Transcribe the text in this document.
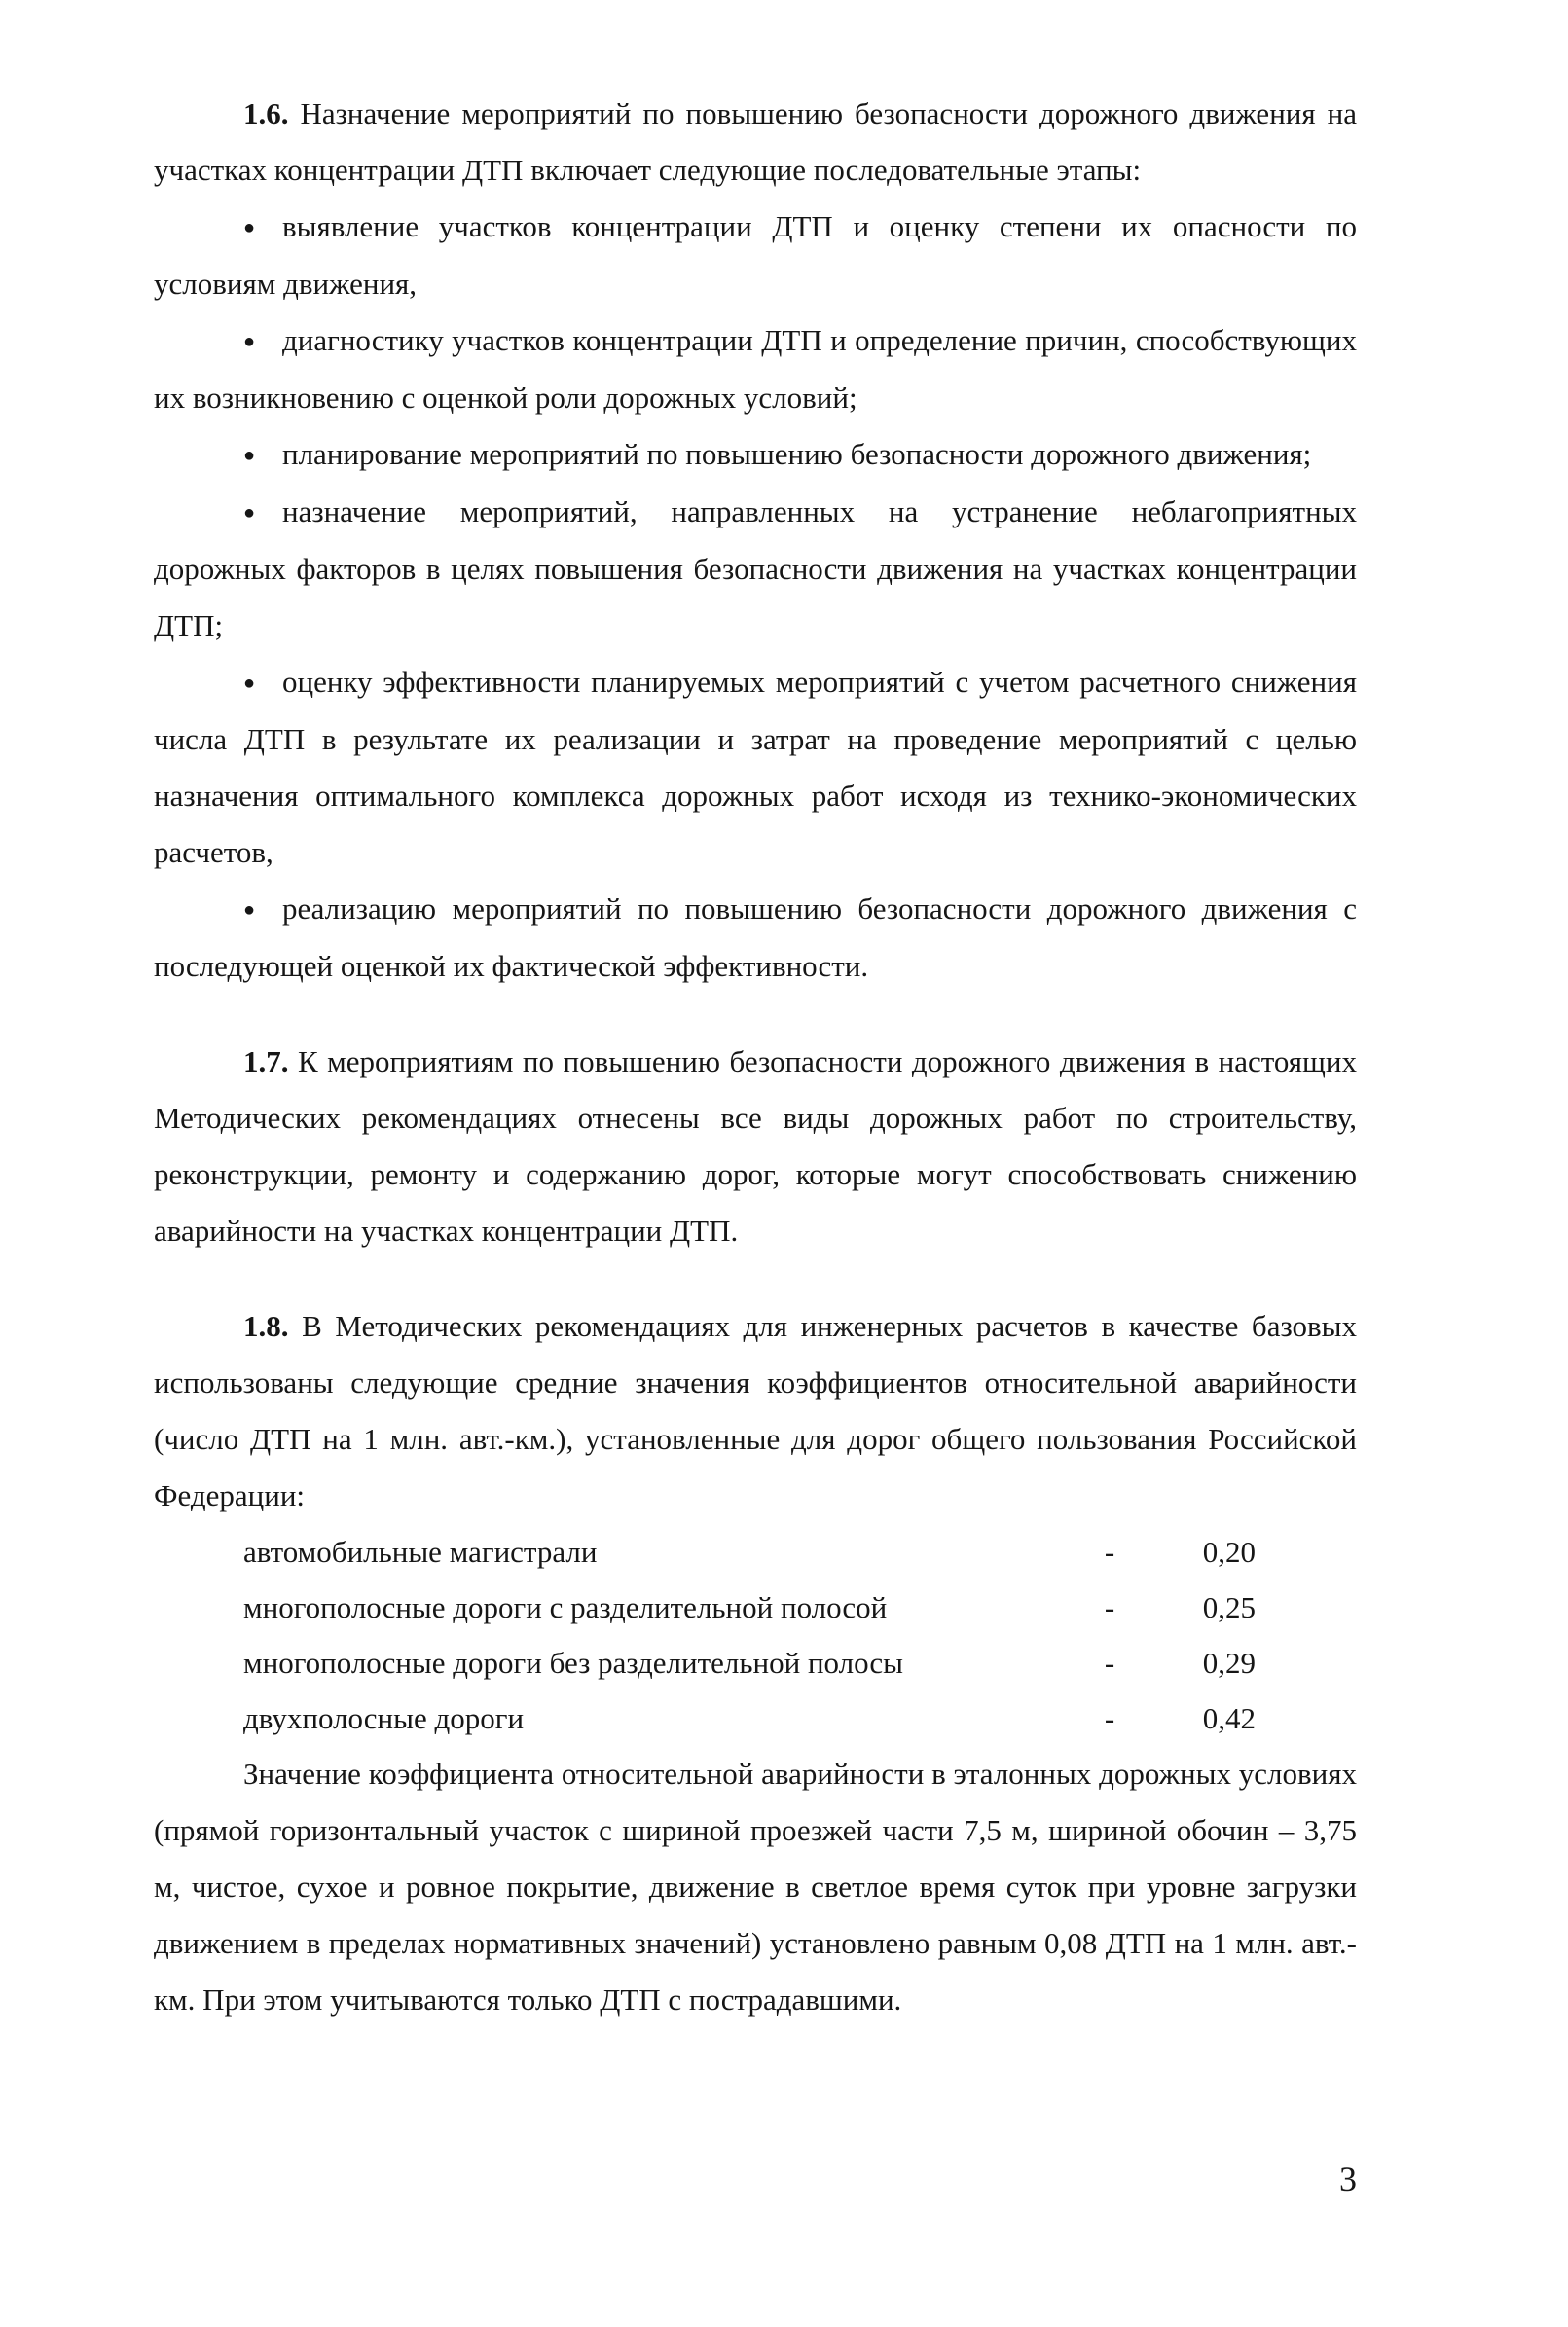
1.6. Назначение мероприятий по повышению безопасности дорожного движения на участках концентрации ДТП включает следующие последовательные этапы:

● выявление участков концентрации ДТП и оценку степени их опасности по условиям движения,

● диагностику участков концентрации ДТП и определение причин, способствующих их возникновению с оценкой роли дорожных условий;

● планирование мероприятий по повышению безопасности дорожного движения;

● назначение мероприятий, направленных на устранение неблагоприятных дорожных факторов в целях повышения безопасности движения на участках концентрации ДТП;

● оценку эффективности планируемых мероприятий с учетом расчетного снижения числа ДТП в результате их реализации и затрат на проведение мероприятий с целью назначения оптимального комплекса дорожных работ исходя из технико-экономических расчетов,

● реализацию мероприятий по повышению безопасности дорожного движения с последующей оценкой их фактической эффективности.

1.7. К мероприятиям по повышению безопасности дорожного движения в настоящих Методических рекомендациях отнесены все виды дорожных работ по строительству, реконструкции, ремонту и содержанию дорог, которые могут способствовать снижению аварийности на участках концентрации ДТП.

1.8. В Методических рекомендациях для инженерных расчетов в качестве базовых использованы следующие средние значения коэффициентов относительной аварийности (число ДТП на 1 млн. авт.-км.), установленные для дорог общего пользования Российской Федерации:

автомобильные магистрали	-	0,20
многополосные дороги с разделительной полосой	-	0,25
многополосные дороги без разделительной полосы	-	0,29
двухполосные дороги	-	0,42

Значение коэффициента относительной аварийности в эталонных дорожных условиях (прямой горизонтальный участок с шириной проезжей части 7,5 м, шириной обочин – 3,75 м, чистое, сухое и ровное покрытие, движение в светлое время суток при уровне загрузки движением в пределах нормативных значений) установлено равным 0,08 ДТП на 1 млн. авт.- км. При этом учитываются только ДТП с пострадавшими.

3
